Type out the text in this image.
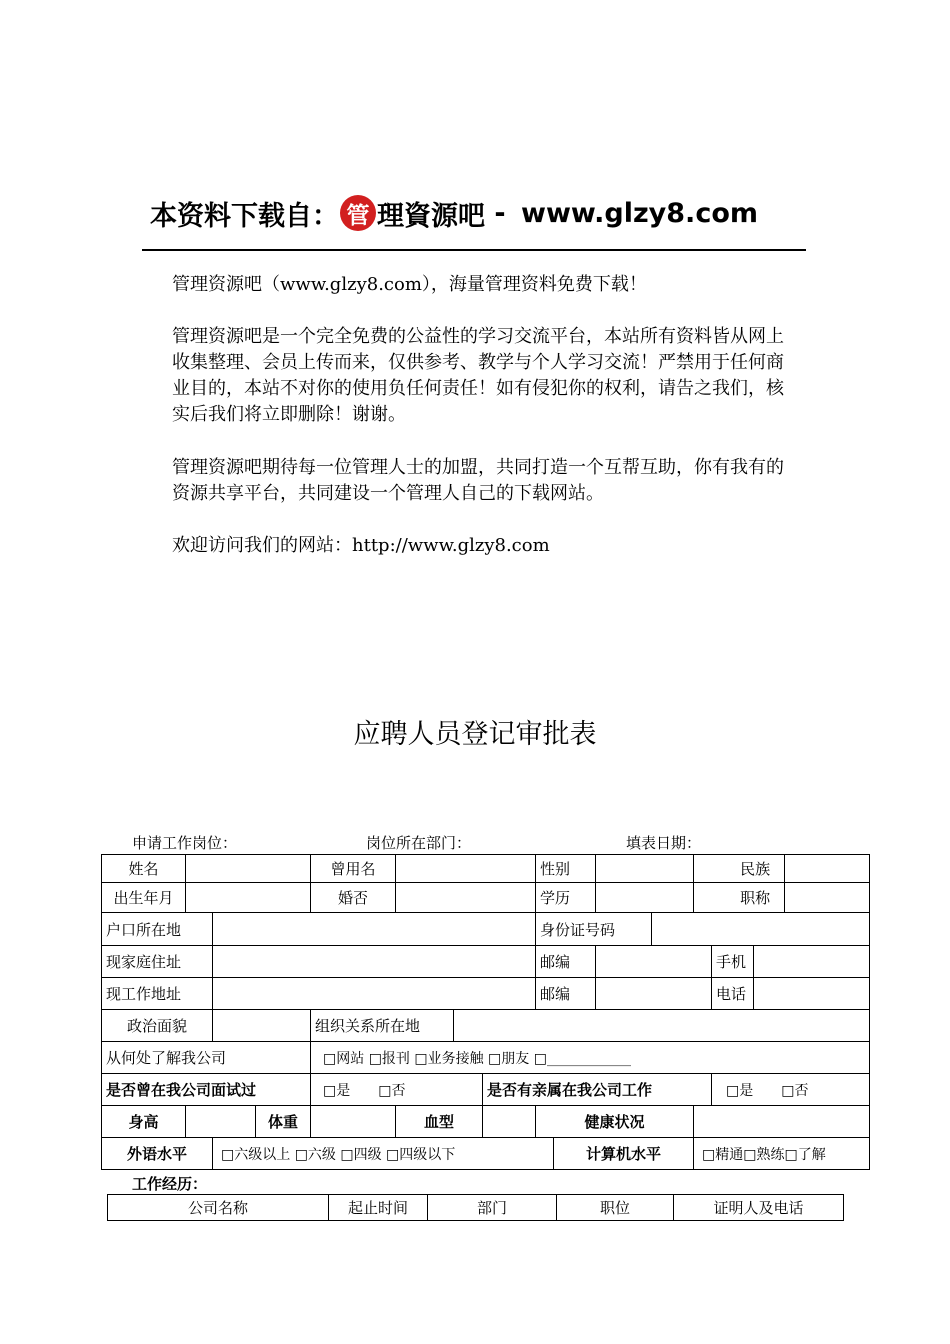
本资料下载自： 管 理資源吧 - www.glzy8.com
管理资源吧（www.glzy8.com），海量管理资料免费下载！
管理资源吧是一个完全免费的公益性的学习交流平台，本站所有资料皆从网上收集整理、会员上传而来，仅供参考、教学与个人学习交流！严禁用于任何商业目的，本站不对你的使用负任何责任！如有侵犯你的权利，请告之我们，核实后我们将立即删除！谢谢。
管理资源吧期待每一位管理人士的加盟，共同打造一个互帮互助，你有我有的资源共享平台，共同建设一个管理人自己的下载网站。
欢迎访问我们的网站：http://www.glzy8.com
应聘人员登记审批表
申请工作岗位：	岗位所在部门：	填表日期：
姓名				曾用名				性别				民族			
出生年月				婚否				学历				职称			
户口所在地								身份证号码							
现家庭住址								邮编					手机		
现工作地址								邮编					电话		
政治面貌				组织关系所在地											
从何处了解我公司				□网站 □报刊 □业务接触 □朋友 □____________											
是否曾在我公司面试过				□是　　□否			是否有亲属在我公司工作						□是　　□否		
身高			体重		血型			健康状况							
外语水平		□六级以上 □六级 □四级 □四级以下							计算机水平			□精通□熟练□了解			
工作经历：
公司名称	起止时间	部门	职位	证明人及电话
